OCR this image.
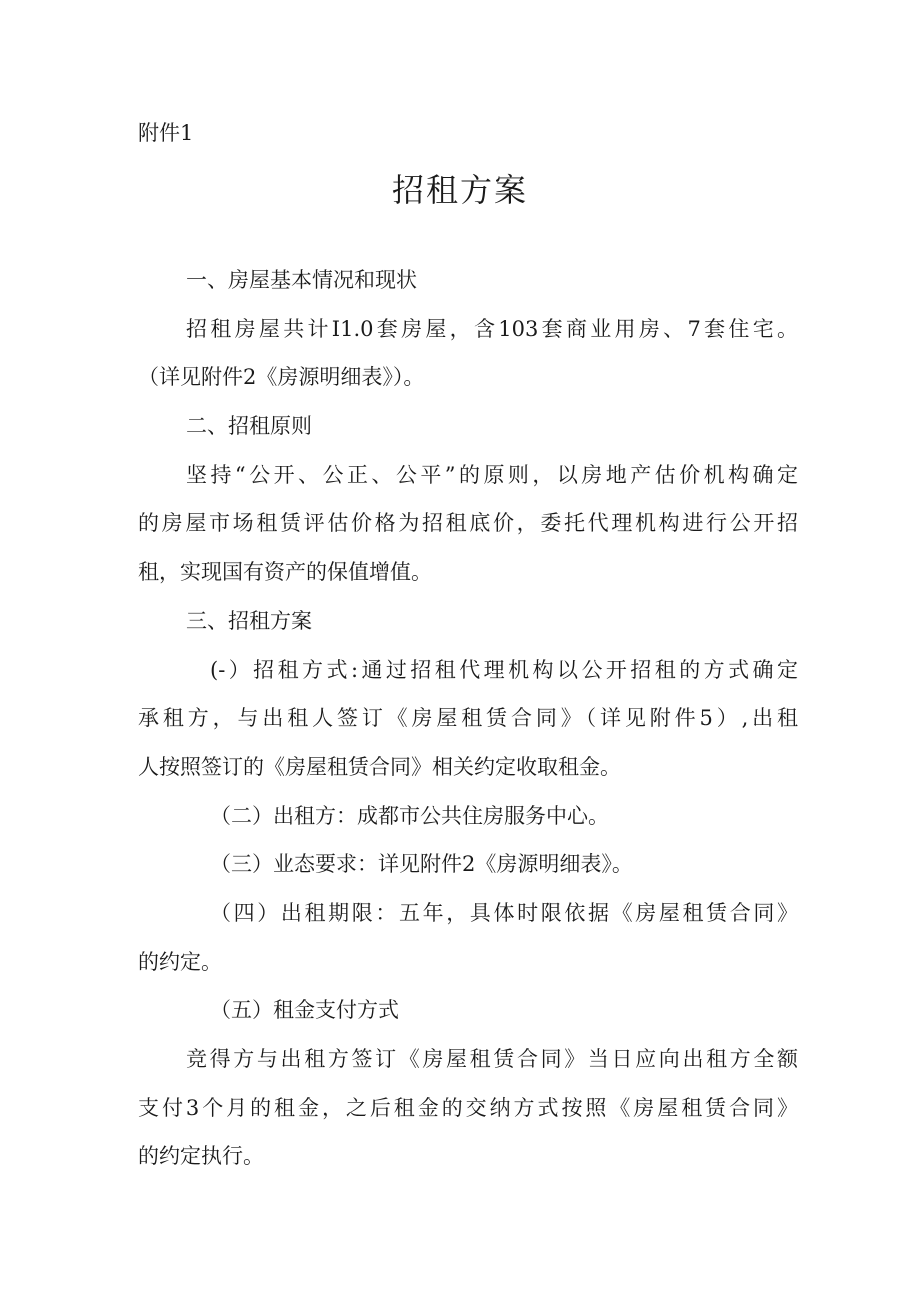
附件1
招租方案
一、房屋基本情况和现状
招租房屋共计I1.0套房屋，含103套商业用房、7套住宅。
（详见附件2《房源明细表》）。
二、招租原则
坚持“公开、公正、公平”的原则，以房地产估价机构确定
的房屋市场租赁评估价格为招租底价，委托代理机构进行公开招
租，实现国有资产的保值增值。
三、招租方案
(-）招租方式:通过招租代理机构以公开招租的方式确定
承租方，与出租人签订《房屋租赁合同》（详见附件5）,出租
人按照签订的《房屋租赁合同》相关约定收取租金。
（二）出租方：成都市公共住房服务中心。
（三）业态要求：详见附件2《房源明细表》。
（四）出租期限：五年，具体时限依据《房屋租赁合同》
的约定。
（五）租金支付方式
竞得方与出租方签订《房屋租赁合同》当日应向出租方全额
支付3个月的租金，之后租金的交纳方式按照《房屋租赁合同》
的约定执行。
